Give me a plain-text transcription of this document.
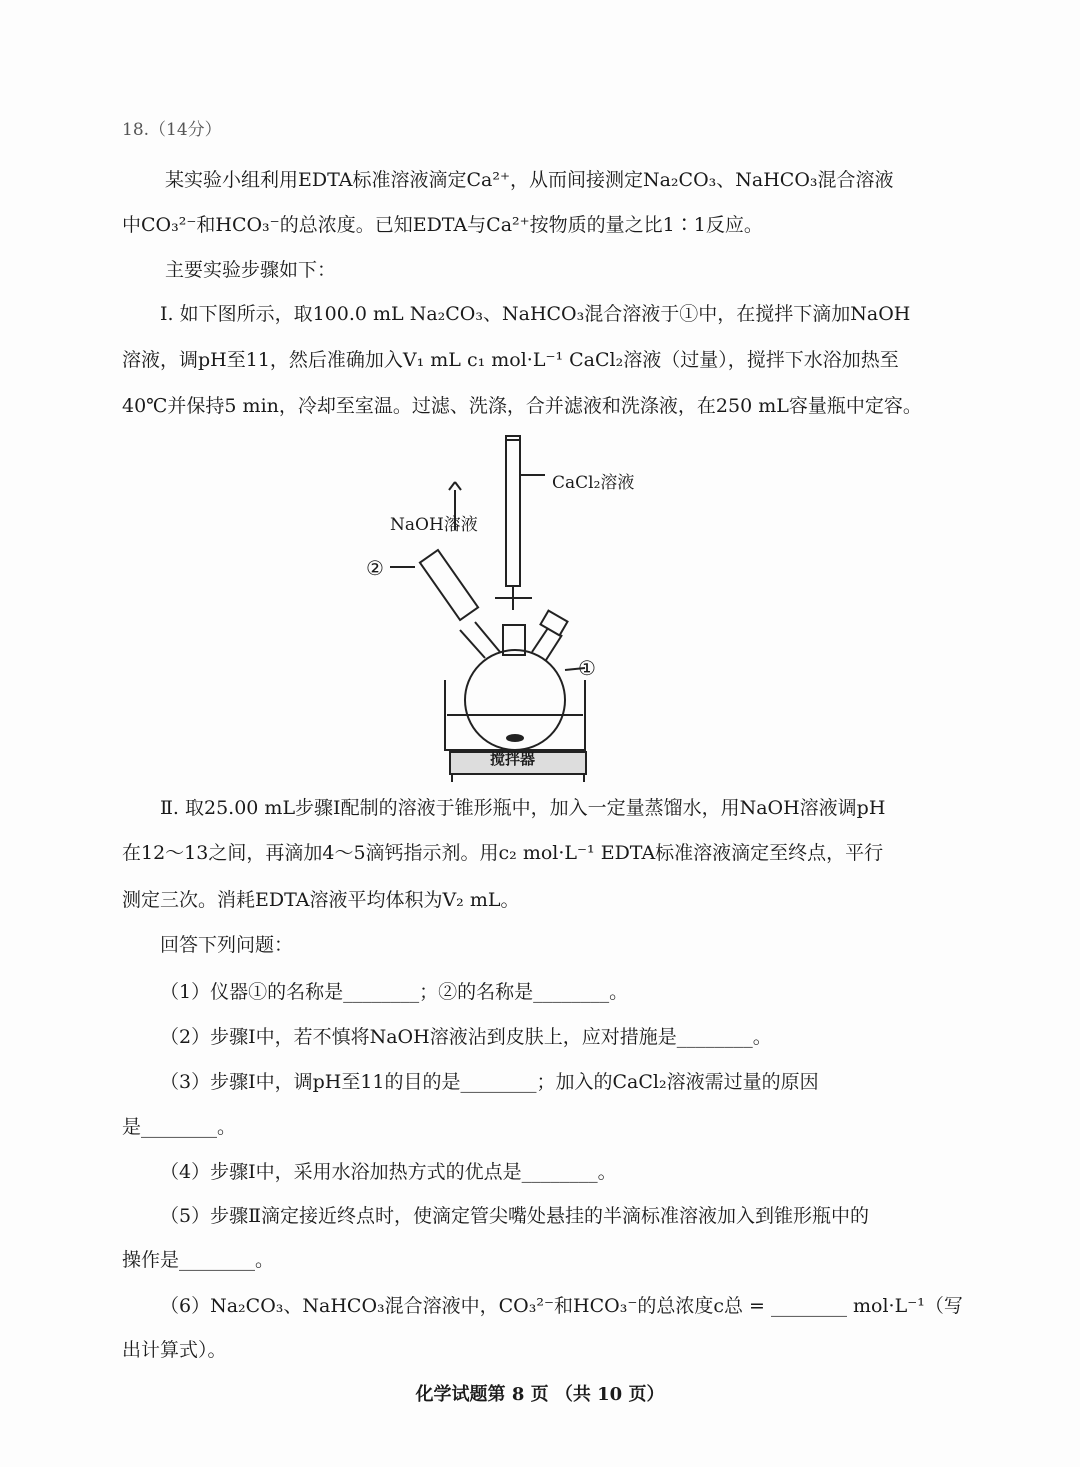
18.（14分）
某实验小组利用EDTA标准溶液滴定Ca²⁺，从而间接测定Na₂CO₃、NaHCO₃混合溶液
中CO₃²⁻和HCO₃⁻的总浓度。已知EDTA与Ca²⁺按物质的量之比1∶1反应。
主要实验步骤如下：
Ⅰ. 如下图所示，取100.0 mL Na₂CO₃、NaHCO₃混合溶液于①中，在搅拌下滴加NaOH
溶液，调pH至11，然后准确加入V₁ mL c₁ mol·L⁻¹ CaCl₂溶液（过量），搅拌下水浴加热至
40℃并保持5 min，冷却至室温。过滤、洗涤，合并滤液和洗涤液，在250 mL容量瓶中定容。
CaCl₂溶液
NaOH溶液
②
①
搅拌器
Ⅱ. 取25.00 mL步骤Ⅰ配制的溶液于锥形瓶中，加入一定量蒸馏水，用NaOH溶液调pH
在12～13之间，再滴加4～5滴钙指示剂。用c₂ mol·L⁻¹ EDTA标准溶液滴定至终点，平行
测定三次。消耗EDTA溶液平均体积为V₂ mL。
回答下列问题：
（1）仪器①的名称是________；②的名称是________。
（2）步骤Ⅰ中，若不慎将NaOH溶液沾到皮肤上，应对措施是________。
（3）步骤Ⅰ中，调pH至11的目的是________；加入的CaCl₂溶液需过量的原因
是________。
（4）步骤Ⅰ中，采用水浴加热方式的优点是________。
（5）步骤Ⅱ滴定接近终点时，使滴定管尖嘴处悬挂的半滴标准溶液加入到锥形瓶中的
操作是________。
（6）Na₂CO₃、NaHCO₃混合溶液中，CO₃²⁻和HCO₃⁻的总浓度c总 = ________ mol·L⁻¹（写
出计算式）。
化学试题第 8 页 （共 10 页）
